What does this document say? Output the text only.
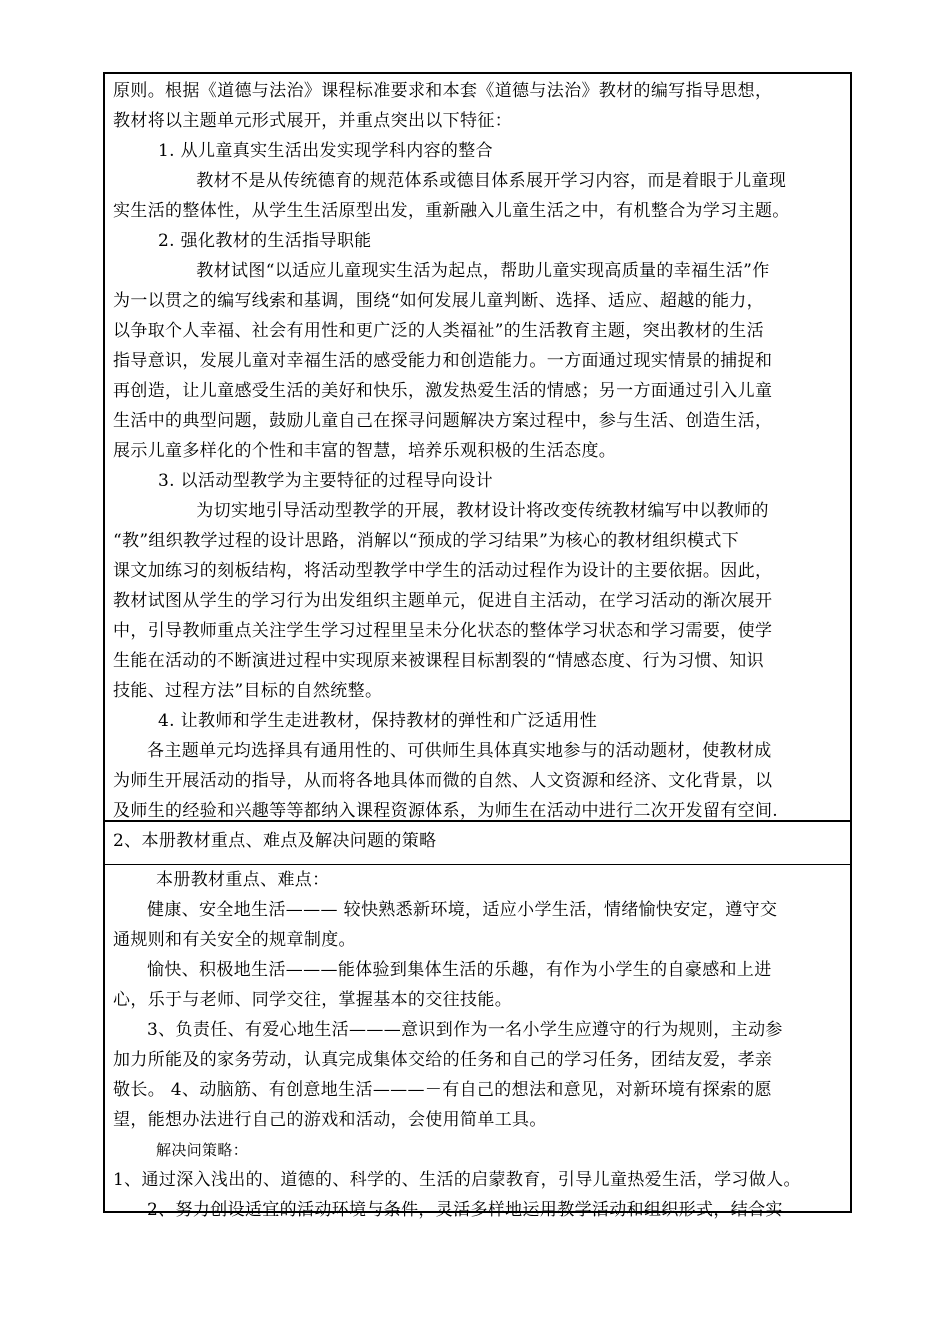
原则。根据《道德与法治》课程标准要求和本套《道德与法治》教材的编写指导思想，

教材将以主题单元形式展开，并重点突出以下特征：

1. 从儿童真实生活出发实现学科内容的整合

教材不是从传统德育的规范体系或德目体系展开学习内容，而是着眼于儿童现

实生活的整体性，从学生生活原型出发，重新融入儿童生活之中，有机整合为学习主题。

2. 强化教材的生活指导职能

教材试图“以适应儿童现实生活为起点，帮助儿童实现高质量的幸福生活”作

为一以贯之的编写线索和基调，围绕“如何发展儿童判断、选择、适应、超越的能力，

以争取个人幸福、社会有用性和更广泛的人类福祉”的生活教育主题，突出教材的生活

指导意识，发展儿童对幸福生活的感受能力和创造能力。一方面通过现实情景的捕捉和

再创造，让儿童感受生活的美好和快乐，激发热爱生活的情感；另一方面通过引入儿童

生活中的典型问题，鼓励儿童自己在探寻问题解决方案过程中，参与生活、创造生活，

展示儿童多样化的个性和丰富的智慧，培养乐观积极的生活态度。

3. 以活动型教学为主要特征的过程导向设计

为切实地引导活动型教学的开展，教材设计将改变传统教材编写中以教师的

“教”组织教学过程的设计思路，消解以“预成的学习结果”为核心的教材组织模式下

课文加练习的刻板结构，将活动型教学中学生的活动过程作为设计的主要依据。因此，

教材试图从学生的学习行为出发组织主题单元，促进自主活动，在学习活动的渐次展开

中，引导教师重点关注学生学习过程里呈未分化状态的整体学习状态和学习需要，使学

生能在活动的不断演进过程中实现原来被课程目标割裂的“情感态度、行为习惯、知识

技能、过程方法”目标的自然统整。

4. 让教师和学生走进教材，保持教材的弹性和广泛适用性

各主题单元均选择具有通用性的、可供师生具体真实地参与的活动题材，使教材成

为师生开展活动的指导，从而将各地具体而微的自然、人文资源和经济、文化背景，以

及师生的经验和兴趣等等都纳入课程资源体系，为师生在活动中进行二次开发留有空间.

2、本册教材重点、难点及解决问题的策略

本册教材重点、难点：

健康、安全地生活——— 较快熟悉新环境，适应小学生活，情绪愉快安定，遵守交

通规则和有关安全的规章制度。

愉快、积极地生活———能体验到集体生活的乐趣，有作为小学生的自豪感和上进

心，乐于与老师、同学交往，掌握基本的交往技能。

3、负责任、有爱心地生活———意识到作为一名小学生应遵守的行为规则，主动参

加力所能及的家务劳动，认真完成集体交给的任务和自己的学习任务，团结友爱，孝亲

敬长。 4、动脑筋、有创意地生活———－有自己的想法和意见，对新环境有探索的愿

望，能想办法进行自己的游戏和活动，会使用简单工具。

解决问策略：

1、通过深入浅出的、道德的、科学的、生活的启蒙教育，引导儿童热爱生活，学习做人。

2、努力创设适宜的活动环境与条件，灵活多样地运用教学活动和组织形式，结合实
